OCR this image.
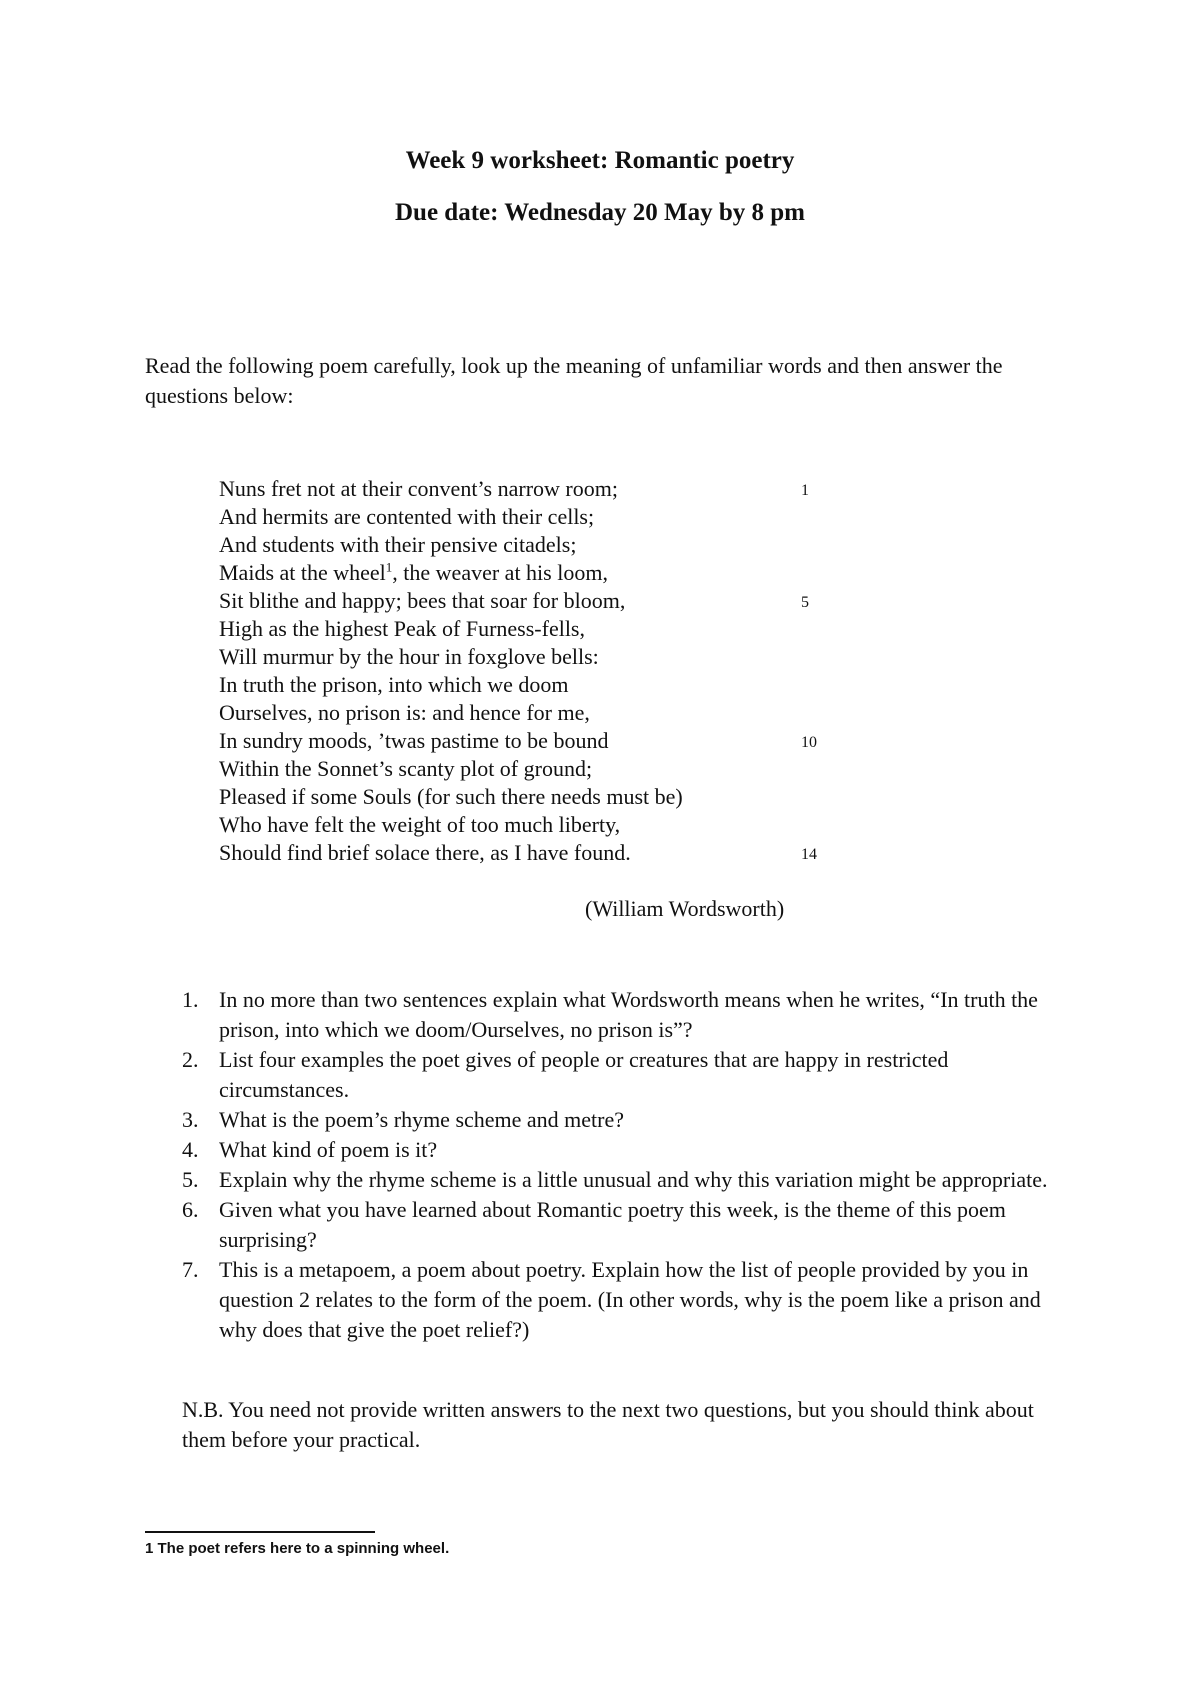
Week 9 worksheet: Romantic poetry

Due date: Wednesday 20 May by 8 pm

Read the following poem carefully, look up the meaning of unfamiliar words and then answer the questions below:

Nuns fret not at their convent’s narrow room;	1
And hermits are contented with their cells;
And students with their pensive citadels;
Maids at the wheel$^1$, the weaver at his loom,
Sit blithe and happy; bees that soar for bloom,	5
High as the highest Peak of Furness-fells,
Will murmur by the hour in foxglove bells:
In truth the prison, into which we doom
Ourselves, no prison is: and hence for me,
In sundry moods, ’twas pastime to be bound	10
Within the Sonnet’s scanty plot of ground;
Pleased if some Souls (for such there needs must be)
Who have felt the weight of too much liberty,
Should find brief solace there, as I have found.	14
(William Wordsworth)
1. In no more than two sentences explain what Wordsworth means when he writes, “In truth the prison, into which we doom/Ourselves, no prison is”?
2. List four examples the poet gives of people or creatures that are happy in restricted circumstances.
3. What is the poem’s rhyme scheme and metre?
4. What kind of poem is it?
5. Explain why the rhyme scheme is a little unusual and why this variation might be appropriate.
6. Given what you have learned about Romantic poetry this week, is the theme of this poem surprising?
7. This is a metapoem, a poem about poetry. Explain how the list of people provided by you in question 2 relates to the form of the poem. (In other words, why is the poem like a prison and why does that give the poet relief?)

N.B. You need not provide written answers to the next two questions, but you should think about them before your practical.

1 The poet refers here to a spinning wheel.
